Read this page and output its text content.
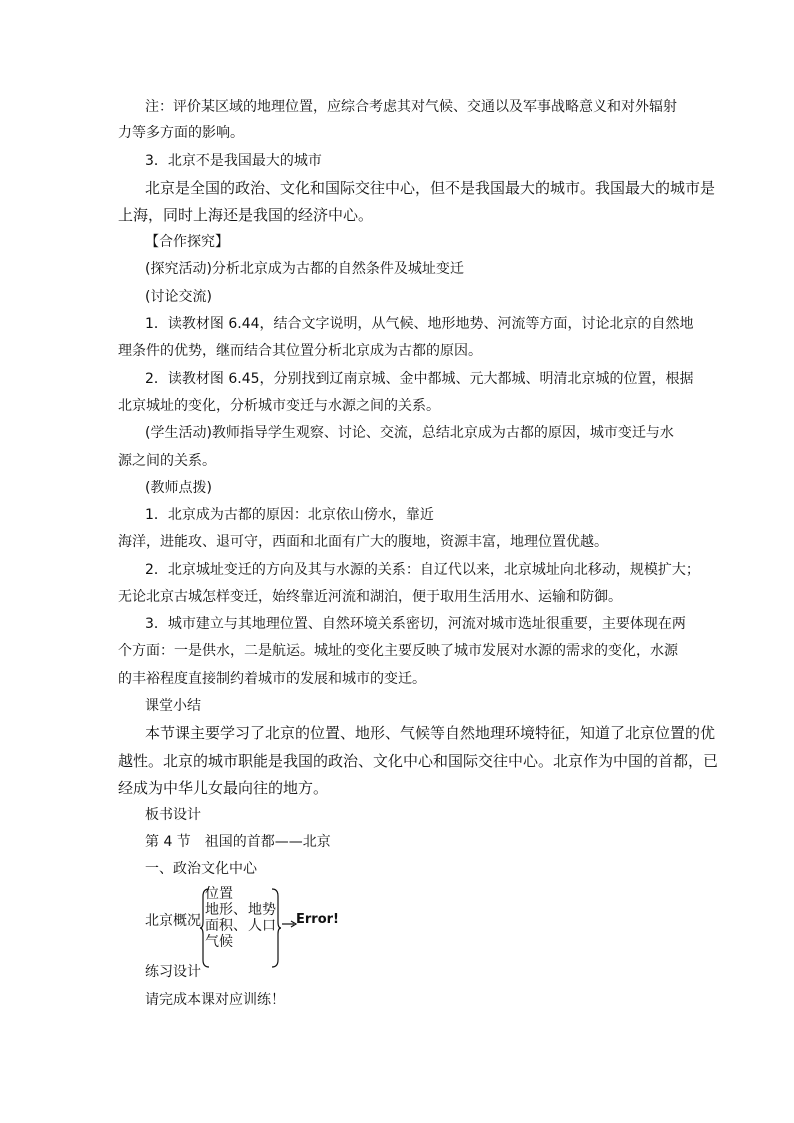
注：评价某区域的地理位置，应综合考虑其对气候、交通以及军事战略意义和对外辐射
力等多方面的影响。
3．北京不是我国最大的城市
北京是全国的政治、文化和国际交往中心，但不是我国最大的城市。我国最大的城市是
上海，同时上海还是我国的经济中心。
【合作探究】
(探究活动)分析北京成为古都的自然条件及城址变迁
(讨论交流)
1．读教材图 6.44，结合文字说明，从气候、地形地势、河流等方面，讨论北京的自然地
理条件的优势，继而结合其位置分析北京成为古都的原因。
2．读教材图 6.45，分别找到辽南京城、金中都城、元大都城、明清北京城的位置，根据
北京城址的变化，分析城市变迁与水源之间的关系。
(学生活动)教师指导学生观察、讨论、交流，总结北京成为古都的原因，城市变迁与水
源之间的关系。
(教师点拨)
1．北京成为古都的原因：北京依山傍水，靠近
海洋，进能攻、退可守，西面和北面有广大的腹地，资源丰富，地理位置优越。
2．北京城址变迁的方向及其与水源的关系：自辽代以来，北京城址向北移动，规模扩大；
无论北京古城怎样变迁，始终靠近河流和湖泊，便于取用生活用水、运输和防御。
3．城市建立与其地理位置、自然环境关系密切，河流对城市选址很重要，主要体现在两
个方面：一是供水，二是航运。城址的变化主要反映了城市发展对水源的需求的变化，水源
的丰裕程度直接制约着城市的发展和城市的变迁。
课堂小结
本节课主要学习了北京的位置、地形、气候等自然地理环境特征，知道了北京位置的优
越性。北京的城市职能是我国的政治、文化中心和国际交往中心。北京作为中国的首都，已
经成为中华儿女最向往的地方。
板书设计
第 4 节　祖国的首都——北京
一、政治文化中心
北京概况
位置
地形、 地势
面积、 人口
气候
Error!
练习设计
请完成本课对应训练！
